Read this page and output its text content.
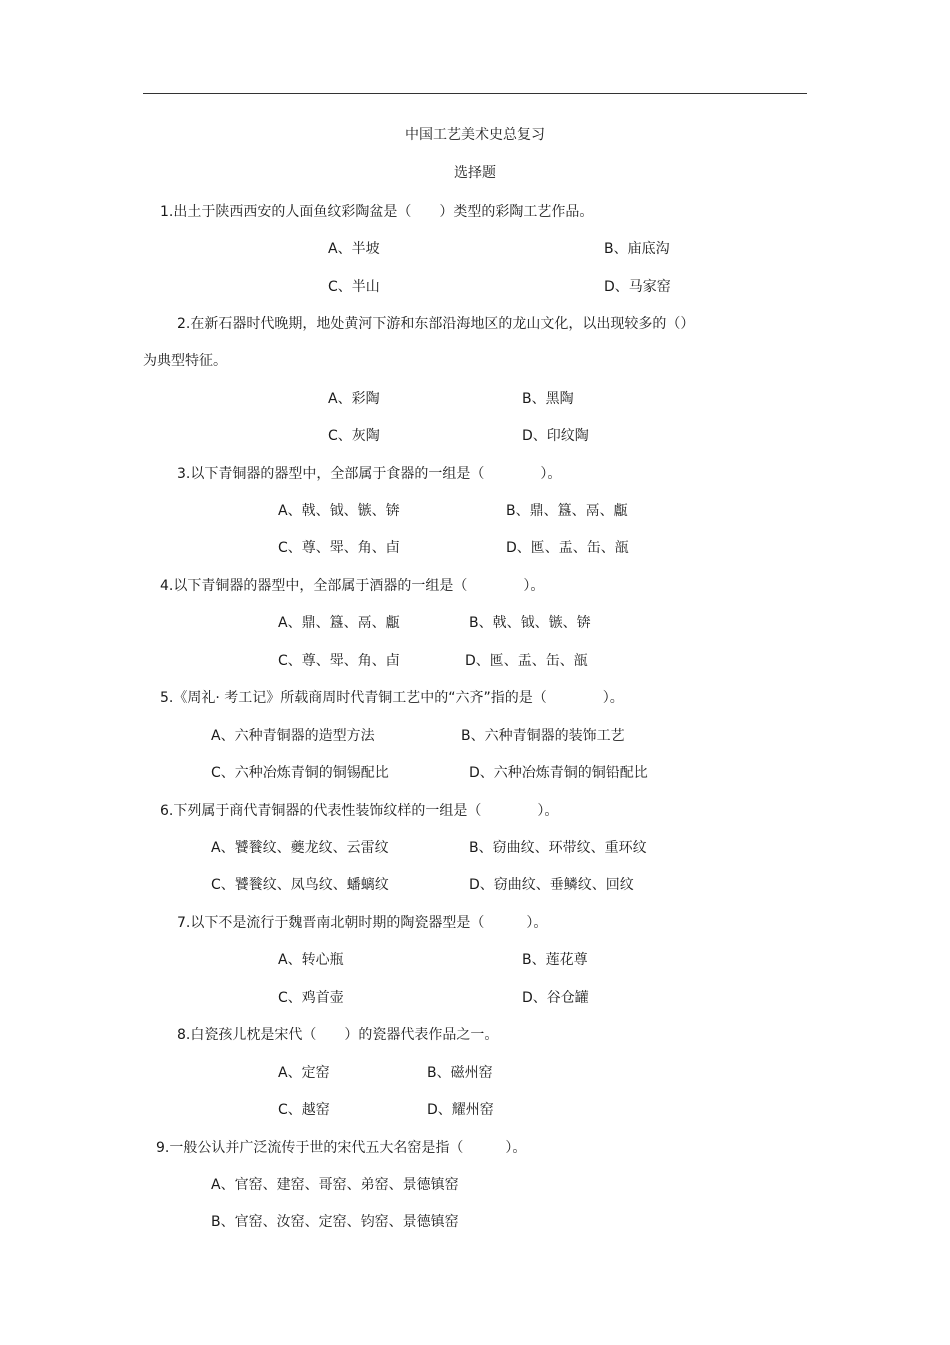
中国工艺美术史总复习
选择题
1.出土于陕西西安的人面鱼纹彩陶盆是（　　）类型的彩陶工艺作品。
A、半坡	B、庙底沟
C、半山	D、马家窑
2.在新石器时代晚期，地处黄河下游和东部沿海地区的龙山文化，以出现较多的（）
为典型特征。
A、彩陶	B、黑陶
C、灰陶	D、印纹陶
3.以下青铜器的器型中，全部属于食器的一组是（　　　　）。
A、戟、钺、镞、锛	B、鼎、簋、鬲、甗
C、尊、斝、角、卣	D、匜、盂、缶、瓿
4.以下青铜器的器型中，全部属于酒器的一组是（　　　　）。
A、鼎、簋、鬲、甗	B、戟、钺、镞、锛
C、尊、斝、角、卣	D、匜、盂、缶、瓿
5.《周礼· 考工记》所载商周时代青铜工艺中的“六齐”指的是（　　　　）。
A、六种青铜器的造型方法	B、六种青铜器的装饰工艺
C、六种冶炼青铜的铜锡配比	D、六种冶炼青铜的铜铅配比
6.下列属于商代青铜器的代表性装饰纹样的一组是（　　　　）。
A、饕餮纹、夔龙纹、云雷纹	B、窃曲纹、环带纹、重环纹
C、饕餮纹、凤鸟纹、蟠螭纹	D、窃曲纹、垂鳞纹、回纹
7.以下不是流行于魏晋南北朝时期的陶瓷器型是（　　　）。
A、转心瓶	B、莲花尊
C、鸡首壶	D、谷仓罐
8.白瓷孩儿枕是宋代（　　）的瓷器代表作品之一。
A、定窑	B、磁州窑
C、越窑	D、耀州窑
9.一般公认并广泛流传于世的宋代五大名窑是指（　　　）。
A、官窑、建窑、哥窑、弟窑、景德镇窑
B、官窑、汝窑、定窑、钧窑、景德镇窑
